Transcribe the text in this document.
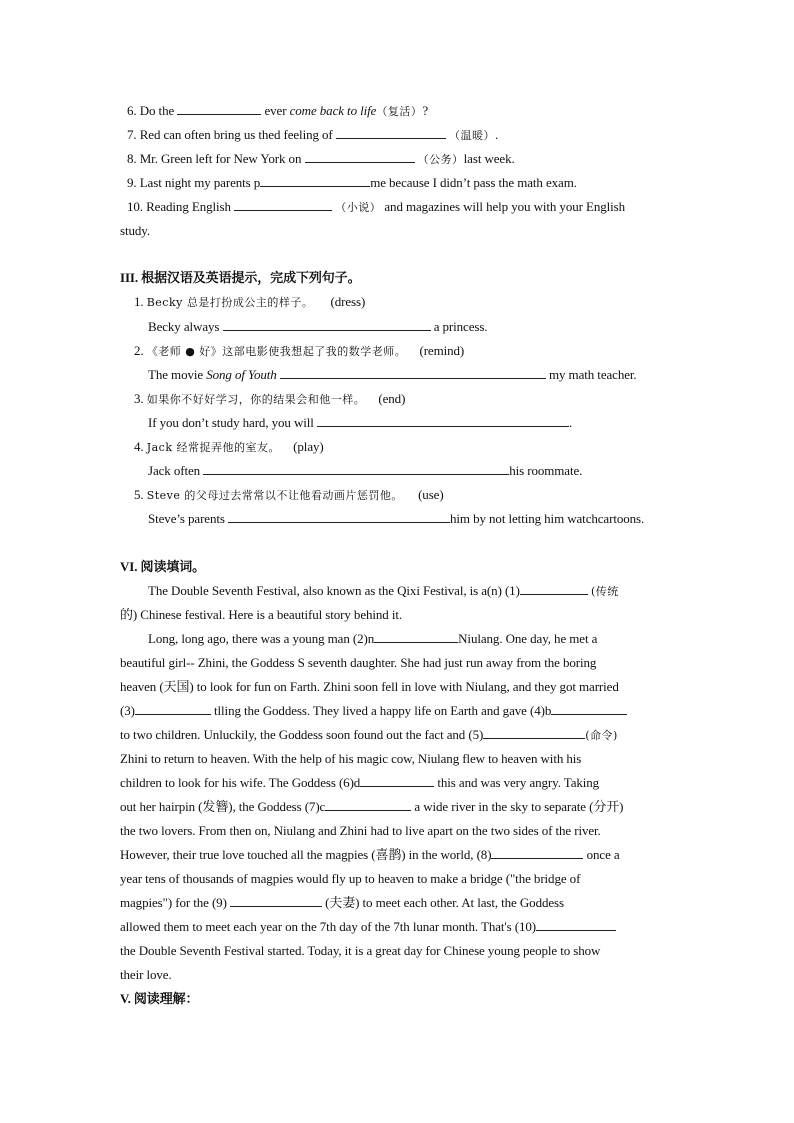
6. Do the	ever come back to life（复活）?
7. Red can often bring us thed feeling of	（温暖）.
8. Mr. Green left for New York on	（公务）last week.
9. Last night my parents p	me because I didn’t pass the math exam.
10. Reading English	（小说） and magazines will help you with your English
study.
III. 根据汉语及英语提示，完成下列句子。
1. Becky 总是打扮成公主的样子。 (dress)
Becky always	a princess.
2. 《老师 ● 好》这部电影使我想起了我的数学老师。 (remind)
The movie Song of Youth	my math teacher.
3. 如果你不好好学习，你的结果会和他一样。 (end)
If you don’t study hard, you will	.
4. Jack 经常捉弄他的室友。 (play)
Jack often	his roommate.
5. Steve 的父母过去常常以不让他看动画片惩罚他。 (use)
Steve’s parents	him by not letting him watchcartoons.
VI. 阅读填词。
The Double Seventh Festival, also known as the Qixi Festival, is a(n) (1)	(传统
的) Chinese festival. Here is a beautiful story behind it.
Long, long ago, there was a young man (2)n	Niulang. One day, he met a
beautiful girl-- Zhini, the Goddess S seventh daughter. She had just run away from the boring
heaven (天国) to look for fun on Farth. Zhini soon fell in love with Niulang, and they got married
(3)	tlling the Goddess. They lived a happy life on Earth and gave (4)b
to two children. Unluckily, the Goddess soon found out the fact and (5)	(命令)
Zhini to return to heaven. With the help of his magic cow, Niulang flew to heaven with his
children to look for his wife. The Goddess (6)d	this and was very angry. Taking
out her hairpin (发簪), the Goddess (7)c	a wide river in the sky to separate (分开)
the two lovers. From then on, Niulang and Zhini had to live apart on the two sides of the river.
However, their true love touched all the magpies (喜鹊) in the world, (8)	once a
year tens of thousands of magpies would fly up to heaven to make a bridge ("the bridge of
magpies") for the (9)	(夫妻) to meet each other. At last, the Goddess
allowed them to meet each year on the 7th day of the 7th lunar month. That's (10)
the Double Seventh Festival started. Today, it is a great day for Chinese young people to show
their love.
V. 阅读理解：
